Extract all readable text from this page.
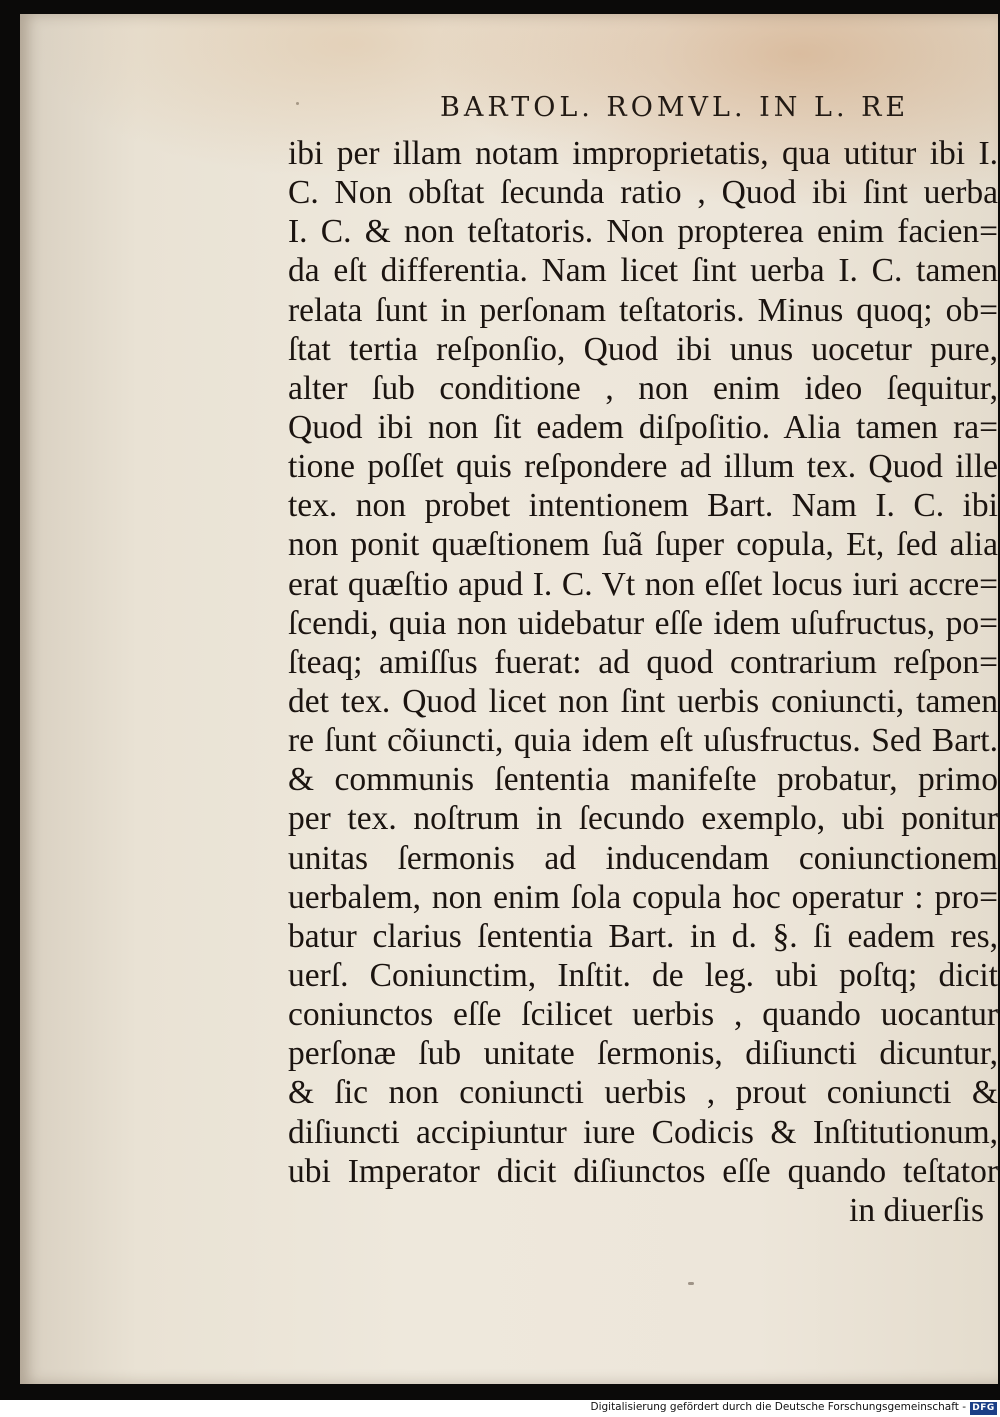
BARTOL. ROMVL. IN L. RE
ibi per illam notam improprietatis, qua utitur ibi I.
C. Non obſtat ſecunda ratio , Quod ibi ſint uerba
I. C. & non teſtatoris. Non propterea enim facien=
da eſt differentia. Nam licet ſint uerba I. C. tamen
relata ſunt in perſonam teſtatoris. Minus quoq; ob=
ſtat tertia reſponſio, Quod ibi unus uocetur pure,
alter ſub conditione , non enim ideo ſequitur,
Quod ibi non ſit eadem diſpoſitio. Alia tamen ra=
tione poſſet quis reſpondere ad illum tex. Quod ille
tex. non probet intentionem Bart. Nam I. C. ibi
non ponit quæſtionem ſuã ſuper copula, Et, ſed alia
erat quæſtio apud I. C. Vt non eſſet locus iuri accre=
ſcendi, quia non uidebatur eſſe idem uſufructus, po=
ſteaq; amiſſus fuerat: ad quod contrarium reſpon=
det tex. Quod licet non ſint uerbis coniuncti, tamen
re ſunt cõiuncti, quia idem eſt uſusfructus. Sed Bart.
& communis ſententia manifeſte probatur, primo
per tex. noſtrum in ſecundo exemplo, ubi ponitur
unitas ſermonis ad inducendam coniunctionem
uerbalem, non enim ſola copula hoc operatur : pro=
batur clarius ſententia Bart. in d. §. ſi eadem res,
uerſ. Coniunctim, Inſtit. de leg. ubi poſtq; dicit
coniunctos eſſe ſcilicet uerbis , quando uocantur
perſonæ ſub unitate ſermonis, diſiuncti dicuntur,
& ſic non coniuncti uerbis , prout coniuncti &
diſiuncti accipiuntur iure Codicis & Inſtitutionum,
ubi Imperator dicit diſiunctos eſſe quando teſtator
in diuerſis
Digitalisierung gefördert durch die Deutsche Forschungsgemeinschaft - DFG
